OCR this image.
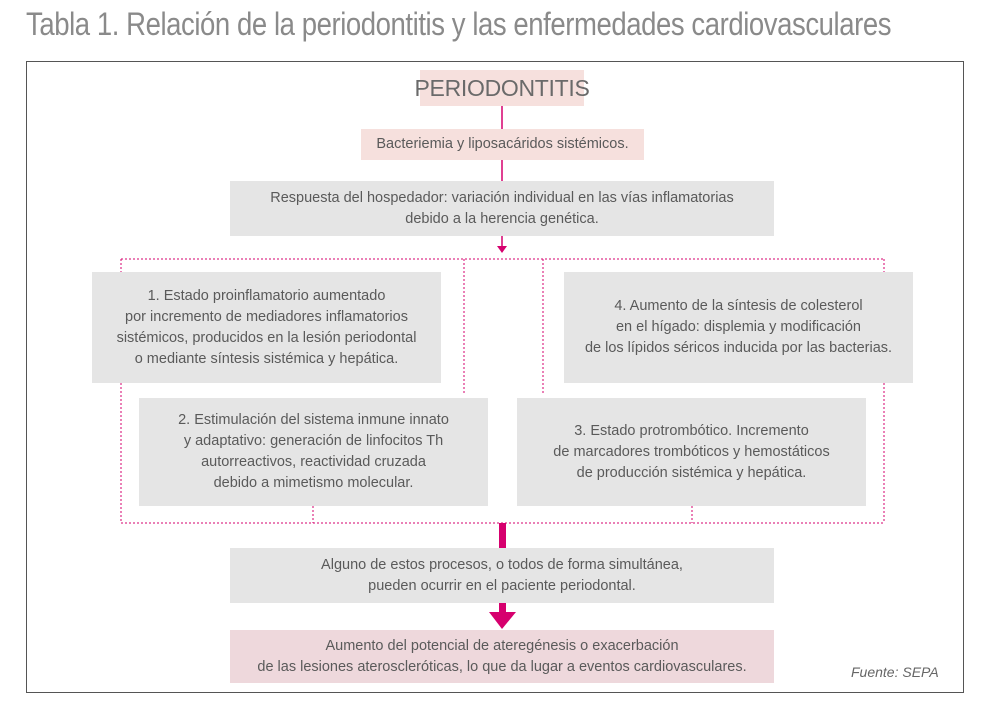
Tabla 1. Relación de la periodontitis y las enfermedades cardiovasculares
PERIODONTITIS
Bacteriemia y liposacáridos sistémicos.
Respuesta del hospedador: variación individual en las vías inflamatorias
debido a la herencia genética.
1. Estado proinflamatorio aumentado
por incremento de mediadores inflamatorios
sistémicos, producidos en la lesión periodontal
o mediante síntesis sistémica y hepática.
4. Aumento de la síntesis de colesterol
en el hígado: displemia y modificación
de los lípidos séricos inducida por las bacterias.
2. Estimulación del sistema inmune innato
y adaptativo: generación de linfocitos Th
autorreactivos, reactividad cruzada
debido a mimetismo molecular.
3. Estado protrombótico. Incremento
de marcadores trombóticos y hemostáticos
de producción sistémica y hepática.
Alguno de estos procesos, o todos de forma simultánea,
pueden ocurrir en el paciente periodontal.
Aumento del potencial de ateregénesis o exacerbación
de las lesiones ateroscleróticas, lo que da lugar a eventos cardiovasculares.	Fuente: SEPA
